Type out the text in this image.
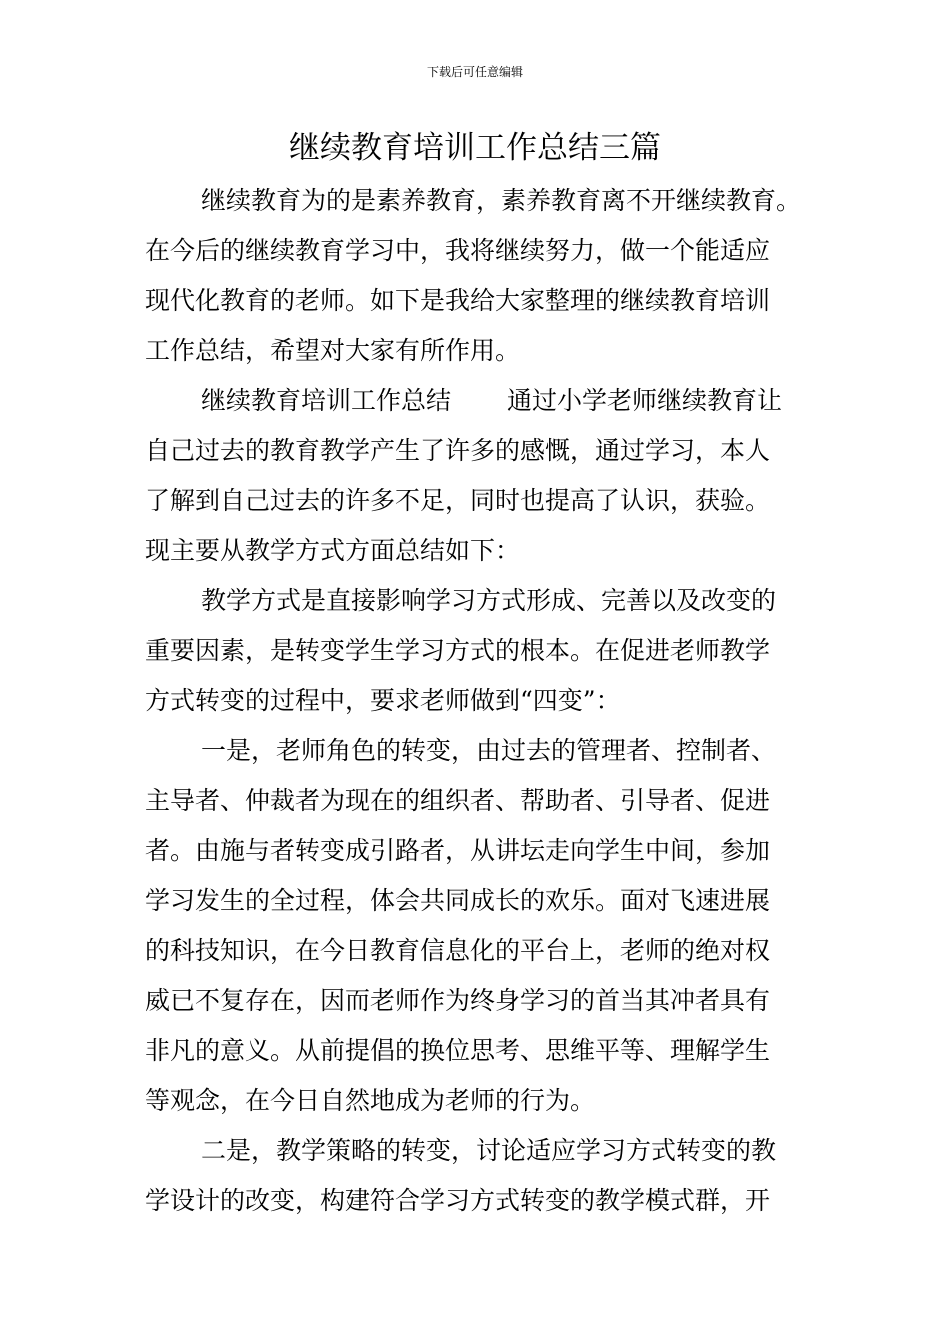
下载后可任意编辑
继续教育培训工作总结三篇
继续教育为的是素养教育，素养教育离不开继续教育。
在今后的继续教育学习中，我将继续努力，做一个能适应
现代化教育的老师。如下是我给大家整理的继续教育培训
工作总结，希望对大家有所作用。
继续教育培训工作总结 通过小学老师继续教育让
自己过去的教育教学产生了许多的感慨，通过学习，本人
了解到自己过去的许多不足，同时也提高了认识，获验。
现主要从教学方式方面总结如下：
教学方式是直接影响学习方式形成、完善以及改变的
重要因素，是转变学生学习方式的根本。在促进老师教学
方式转变的过程中，要求老师做到“四变”：
一是，老师角色的转变，由过去的管理者、控制者、
主导者、仲裁者为现在的组织者、帮助者、引导者、促进
者。由施与者转变成引路者，从讲坛走向学生中间，参加
学习发生的全过程，体会共同成长的欢乐。面对飞速进展
的科技知识，在今日教育信息化的平台上，老师的绝对权
威已不复存在，因而老师作为终身学习的首当其冲者具有
非凡的意义。从前提倡的换位思考、思维平等、理解学生
等观念，在今日自然地成为老师的行为。
二是，教学策略的转变，讨论适应学习方式转变的教
学设计的改变，构建符合学习方式转变的教学模式群，开
